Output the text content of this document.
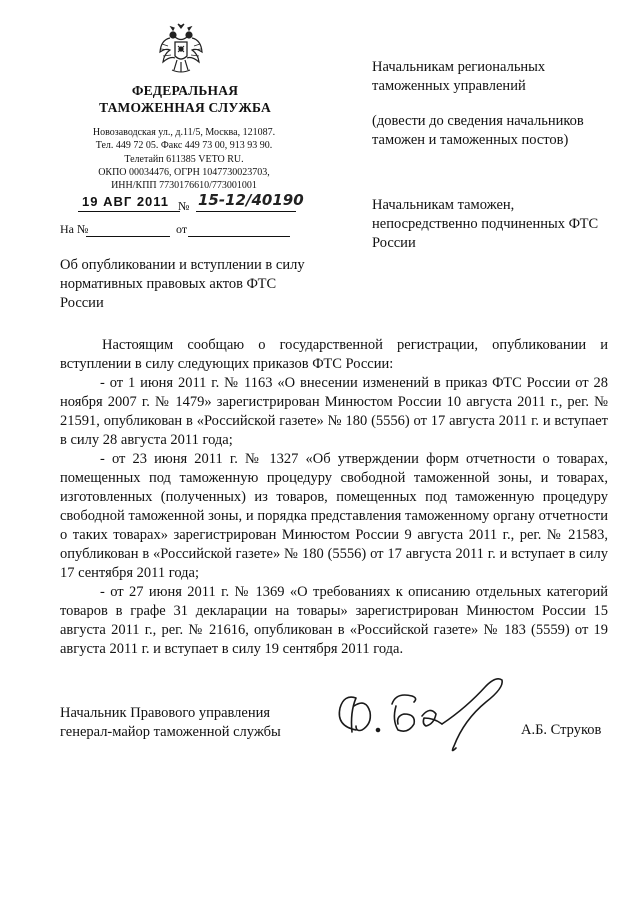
ФЕДЕРАЛЬНАЯ
ТАМОЖЕННАЯ СЛУЖБА
Новозаводская ул., д.11/5, Москва, 121087.
Тел. 449 72 05. Факс 449 73 00, 913 93 90.
Телетайп 611385 VETO RU.
ОКПО 00034476, ОГРН 1047730023703,
ИНН/КПП 7730176610/773001001
19 АВГ 2011 № 15-12/40190
На №	от
Об опубликовании и вступлении в силу нормативных правовых актов ФТС России
Начальникам региональных таможенных управлений
(довести до сведения начальников таможен и таможенных постов)
Начальникам таможен, непосредственно подчиненных ФТС России

Настоящим сообщаю о государственной регистрации, опубликовании и вступлении в силу следующих приказов ФТС России:

- от 1 июня 2011 г. № 1163 «О внесении изменений в приказ ФТС России от 28 ноября 2007 г. № 1479» зарегистрирован Минюстом России 10 августа 2011 г., рег. № 21591, опубликован в «Российской газете» № 180 (5556) от 17 августа 2011 г. и вступает в силу 28 августа 2011 года;

- от 23 июня 2011 г. № 1327 «Об утверждении форм отчетности о товарах, помещенных под таможенную процедуру свободной таможенной зоны, и товарах, изготовленных (полученных) из товаров, помещенных под таможенную процедуру свободной таможенной зоны, и порядка представления таможенному органу отчетности о таких товарах» зарегистрирован Минюстом России 9 августа 2011 г., рег. № 21583, опубликован в «Российской газете» № 180 (5556) от 17 августа 2011 г. и вступает в силу 17 сентября 2011 года;

- от 27 июня 2011 г. № 1369 «О требованиях к описанию отдельных категорий товаров в графе 31 декларации на товары» зарегистрирован Минюстом России 15 августа 2011 г., рег. № 21616, опубликован в «Российской газете» № 183 (5559) от 19 августа 2011 г. и вступает в силу 19 сентября 2011 года.

Начальник Правового управления
генерал-майор таможенной службы	А.Б. Струков
